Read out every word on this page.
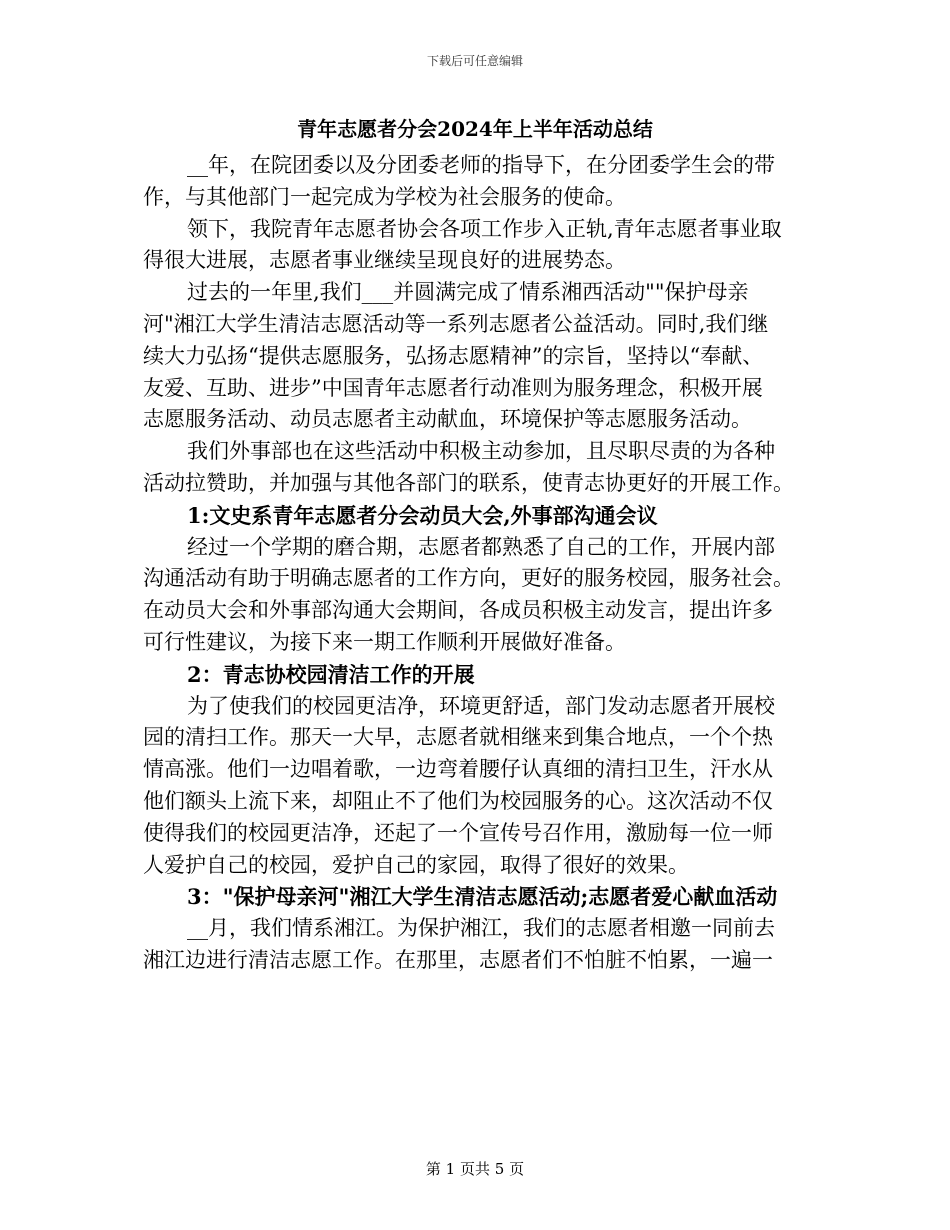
下载后可任意编辑
青年志愿者分会2024年上半年活动总结

__年，在院团委以及分团委老师的指导下，在分团委学生会的带

作，与其他部门一起完成为学校为社会服务的使命。

领下，我院青年志愿者协会各项工作步入正轨,青年志愿者事业取

得很大进展，志愿者事业继续呈现良好的进展势态。

过去的一年里,我们___并圆满完成了情系湘西活动""保护母亲

河"湘江大学生清洁志愿活动等一系列志愿者公益活动。同时,我们继

续大力弘扬“提供志愿服务，弘扬志愿精神”的宗旨，坚持以“奉献、

友爱、互助、进步”中国青年志愿者行动准则为服务理念，积极开展

志愿服务活动、动员志愿者主动献血，环境保护等志愿服务活动。

我们外事部也在这些活动中积极主动参加，且尽职尽责的为各种

活动拉赞助，并加强与其他各部门的联系，使青志协更好的开展工作。

1:文史系青年志愿者分会动员大会,外事部沟通会议

经过一个学期的磨合期，志愿者都熟悉了自己的工作，开展内部

沟通活动有助于明确志愿者的工作方向，更好的服务校园，服务社会。

在动员大会和外事部沟通大会期间，各成员积极主动发言，提出许多

可行性建议，为接下来一期工作顺利开展做好准备。

2：青志协校园清洁工作的开展

为了使我们的校园更洁净，环境更舒适，部门发动志愿者开展校

园的清扫工作。那天一大早，志愿者就相继来到集合地点，一个个热

情高涨。他们一边唱着歌，一边弯着腰仔认真细的清扫卫生，汗水从

他们额头上流下来，却阻止不了他们为校园服务的心。这次活动不仅

使得我们的校园更洁净，还起了一个宣传号召作用，激励每一位一师

人爱护自己的校园，爱护自己的家园，取得了很好的效果。

3："保护母亲河"湘江大学生清洁志愿活动;志愿者爱心献血活动

__月，我们情系湘江。为保护湘江，我们的志愿者相邀一同前去

湘江边进行清洁志愿工作。在那里，志愿者们不怕脏不怕累，一遍一

第 1 页共 5 页
